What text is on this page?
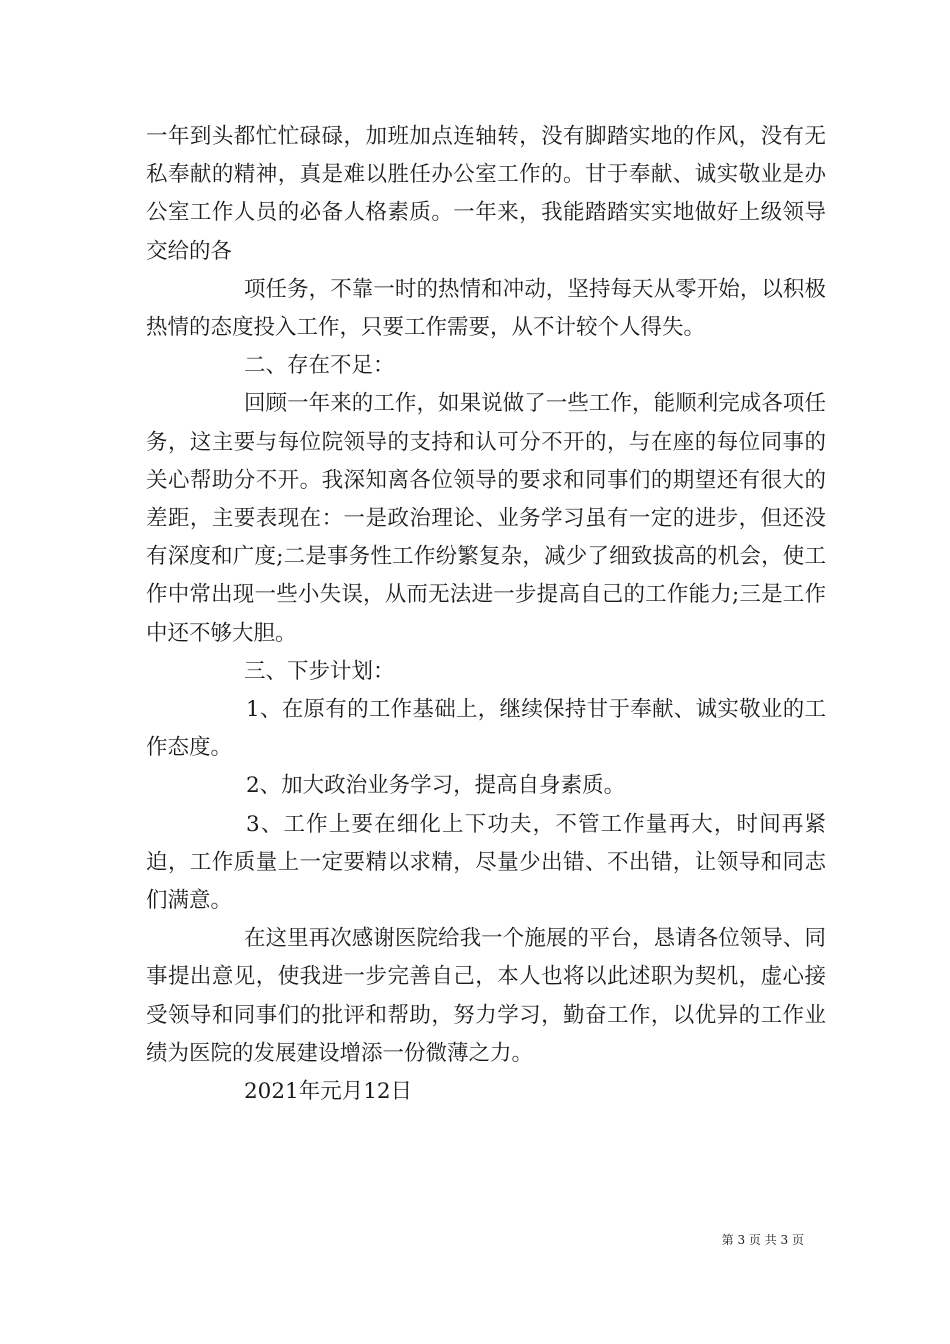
一年到头都忙忙碌碌，加班加点连轴转，没有脚踏实地的作风，没有无私奉献的精神，真是难以胜任办公室工作的。甘于奉献、诚实敬业是办公室工作人员的必备人格素质。一年来，我能踏踏实实地做好上级领导交给的各

项任务，不靠一时的热情和冲动，坚持每天从零开始，以积极热情的态度投入工作，只要工作需要，从不计较个人得失。

二、存在不足：

回顾一年来的工作，如果说做了一些工作，能顺利完成各项任务，这主要与每位院领导的支持和认可分不开的，与在座的每位同事的关心帮助分不开。我深知离各位领导的要求和同事们的期望还有很大的差距，主要表现在：一是政治理论、业务学习虽有一定的进步，但还没有深度和广度;二是事务性工作纷繁复杂，减少了细致拔高的机会，使工作中常出现一些小失误，从而无法进一步提高自己的工作能力;三是工作中还不够大胆。

三、下步计划：

1、在原有的工作基础上，继续保持甘于奉献、诚实敬业的工作态度。

2、加大政治业务学习，提高自身素质。

3、工作上要在细化上下功夫，不管工作量再大，时间再紧迫，工作质量上一定要精以求精，尽量少出错、不出错，让领导和同志们满意。

在这里再次感谢医院给我一个施展的平台，恳请各位领导、同事提出意见，使我进一步完善自己，本人也将以此述职为契机，虚心接受领导和同事们的批评和帮助，努力学习，勤奋工作，以优异的工作业绩为医院的发展建设增添一份微薄之力。

2021年元月12日

第 3 页 共 3 页
